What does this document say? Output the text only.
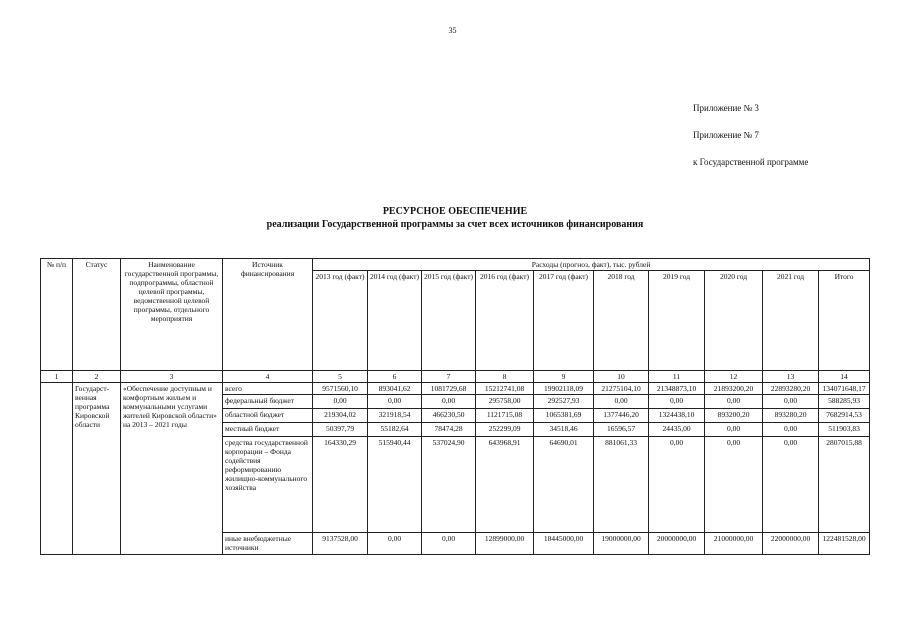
35
Приложение № 3
Приложение № 7
к Государственной программе
РЕСУРСНОЕ ОБЕСПЕЧЕНИЕ
реализации Государственной программы за счет всех источников финансирования
№ п/п	Статус	Наименование государственной программы, подпрограммы, областной целевой программы, ведомственной целевой программы, отдельного мероприятия	Источник финансирования	Расходы (прогноз, факт), тыс. рублей									
				2013 год (факт)	2014 год (факт)	2015 год (факт)	2016 год (факт)	2017 год (факт)	2018 год	2019 год	2020 год	2021 год	Итого
1	2	3	4	5	6	7	8	9	10	11	12	13	14
	Государст-венная программа Кировской области	«Обеспечение доступным и комфортным жильем и коммунальными услугами жителей Кировской области» на 2013 – 2021 годы	всего	9571560,10	893041,62	1081729,68	15212741,08	19902118,09	21275104,10	21348873,10	21893200,20	22893280,20	134071648,17
			федеральный бюджет	0,00	0,00	0,00	295758,00	292527,93	0,00	0,00	0,00	0,00	588285,93
			областной бюджет	219304,02	321918,54	466230,50	1121715,08	1065381,69	1377446,20	1324438,10	893200,20	893280,20	7682914,53
			местный бюджет	50397,79	55182,64	78474,28	252299,09	34518,46	16596,57	24435,00	0,00	0,00	511903,83
			средства государственной корпорации – Фонда содействия реформированию жилищно-коммунального хозяйства	164330,29	515940,44	537024,90	643968,91	64690,01	881061,33	0,00	0,00	0,00	2807015,88
			иные внебюджетные источники	9137528,00	0,00	0,00	12899000,00	18445000,00	19000000,00	20000000,00	21000000,00	22000000,00	122481528,00
